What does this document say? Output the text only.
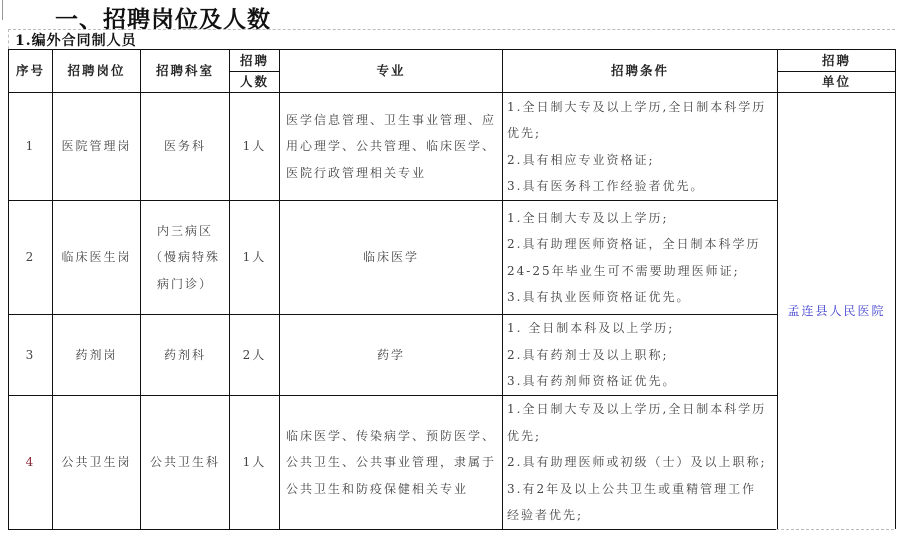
一、招聘岗位及人数
1.编外合同制人员
序号	招聘岗位	招聘科室	招聘	专业	招聘条件	招聘
			人数			单位
1	医院管理岗	医务科	1人	医学信息管理、卫生事业管理、应
用心理学、公共管理、临床医学、
医院行政管理相关专业	1.全日制大专及以上学历,全日制本科学历
优先;
2.具有相应专业资格证;
3.具有医务科工作经验者优先。	孟连县人民医院
2	临床医生岗	内三病区
（慢病特殊
病门诊）	1人	临床医学	1.全日制大专及以上学历;
2.具有助理医师资格证，全日制本科学历
24-25年毕业生可不需要助理医师证;
3.具有执业医师资格证优先。	

3	药剂岗	药剂科	2人	药学	1. 全日制本科及以上学历;
2.具有药剂士及以上职称;
3.具有药剂师资格证优先。	

4	公共卫生岗	公共卫生科	1人	临床医学、传染病学、预防医学、
公共卫生、公共事业管理，隶属于
公共卫生和防疫保健相关专业	1.全日制大专及以上学历,全日制本科学历
优先;
2.具有助理医师或初级（士）及以上职称;
3.有2年及以上公共卫生或重精管理工作
经验者优先;	
